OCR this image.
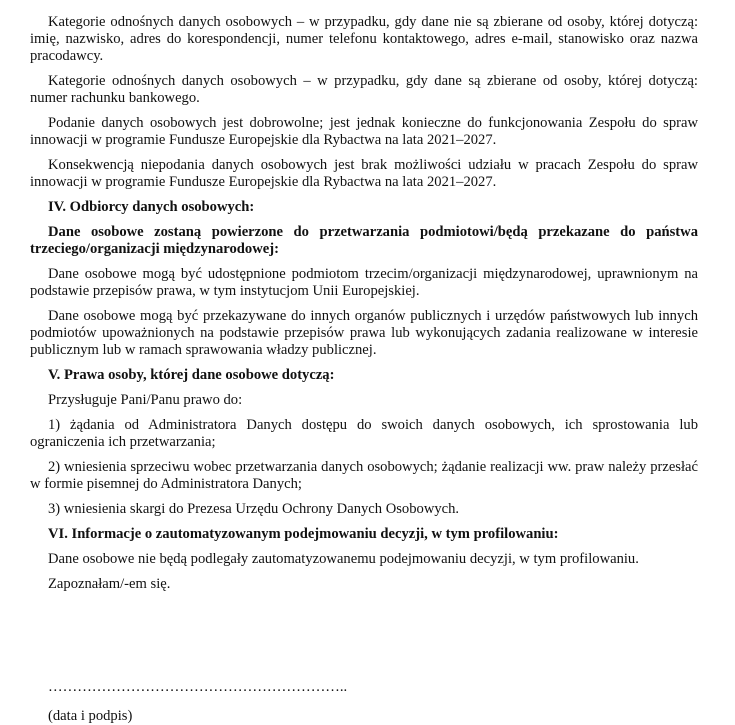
Kategorie odnośnych danych osobowych – w przypadku, gdy dane nie są zbierane od osoby, której dotyczą: imię, nazwisko, adres do korespondencji, numer telefonu kontaktowego, adres e-mail, stanowisko oraz nazwa pracodawcy.

Kategorie odnośnych danych osobowych – w przypadku, gdy dane są zbierane od osoby, której dotyczą: numer rachunku bankowego.

Podanie danych osobowych jest dobrowolne; jest jednak konieczne do funkcjonowania Zespołu do spraw innowacji w programie Fundusze Europejskie dla Rybactwa na lata 2021–2027.

Konsekwencją niepodania danych osobowych jest brak możliwości udziału w pracach Zespołu do spraw innowacji w programie Fundusze Europejskie dla Rybactwa na lata 2021–2027.

IV. Odbiorcy danych osobowych:

Dane osobowe zostaną powierzone do przetwarzania podmiotowi/będą przekazane do państwa trzeciego/organizacji międzynarodowej:

Dane osobowe mogą być udostępnione podmiotom trzecim/organizacji międzynarodowej, uprawnionym na podstawie przepisów prawa, w tym instytucjom Unii Europejskiej.

Dane osobowe mogą być przekazywane do innych organów publicznych i urzędów państwowych lub innych podmiotów upoważnionych na podstawie przepisów prawa lub wykonujących zadania realizowane w interesie publicznym lub w ramach sprawowania władzy publicznej.

V. Prawa osoby, której dane osobowe dotyczą:

Przysługuje Pani/Panu prawo do:

1) żądania od Administratora Danych dostępu do swoich danych osobowych, ich sprostowania lub ograniczenia ich przetwarzania;

2) wniesienia sprzeciwu wobec przetwarzania danych osobowych; żądanie realizacji ww. praw należy przesłać w formie pisemnej do Administratora Danych;

3) wniesienia skargi do Prezesa Urzędu Ochrony Danych Osobowych.

VI. Informacje o zautomatyzowanym podejmowaniu decyzji, w tym profilowaniu:

Dane osobowe nie będą podlegały zautomatyzowanemu podejmowaniu decyzji, w tym profilowaniu.

Zapoznałam/-em się.

……………………………………………………..

(data i podpis)
